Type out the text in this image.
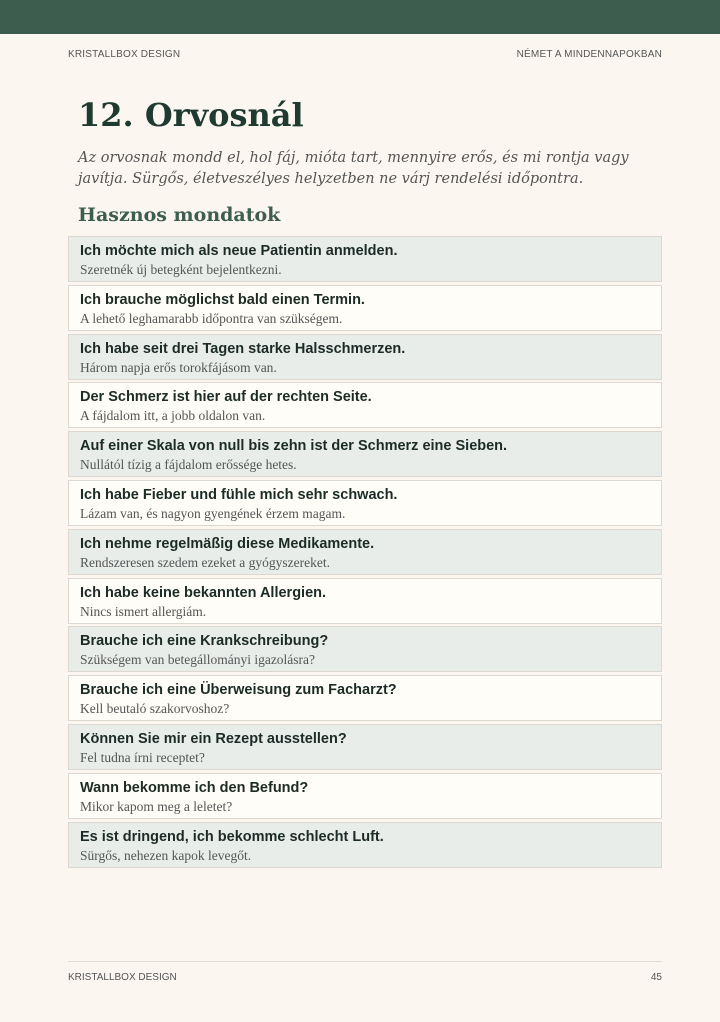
KRISTALLBOX DESIGN	NÉMET A MINDENNAPOKBAN
12. Orvosnál

Az orvosnak mondd el, hol fáj, mióta tart, mennyire erős, és mi rontja vagy javítja. Sürgős, életveszélyes helyzetben ne várj rendelési időpontra.

Hasznos mondatok
Ich möchte mich als neue Patientin anmelden.
Szeretnék új betegként bejelentkezni.
Ich brauche möglichst bald einen Termin.
A lehető leghamarabb időpontra van szükségem.
Ich habe seit drei Tagen starke Halsschmerzen.
Három napja erős torokfájásom van.
Der Schmerz ist hier auf der rechten Seite.
A fájdalom itt, a jobb oldalon van.
Auf einer Skala von null bis zehn ist der Schmerz eine Sieben.
Nullától tízig a fájdalom erőssége hetes.
Ich habe Fieber und fühle mich sehr schwach.
Lázam van, és nagyon gyengének érzem magam.
Ich nehme regelmäßig diese Medikamente.
Rendszeresen szedem ezeket a gyógyszereket.
Ich habe keine bekannten Allergien.
Nincs ismert allergiám.
Brauche ich eine Krankschreibung?
Szükségem van betegállományi igazolásra?
Brauche ich eine Überweisung zum Facharzt?
Kell beutaló szakorvoshoz?
Können Sie mir ein Rezept ausstellen?
Fel tudna írni receptet?
Wann bekomme ich den Befund?
Mikor kapom meg a leletet?
Es ist dringend, ich bekomme schlecht Luft.
Sürgős, nehezen kapok levegőt.
KRISTALLBOX DESIGN	45
